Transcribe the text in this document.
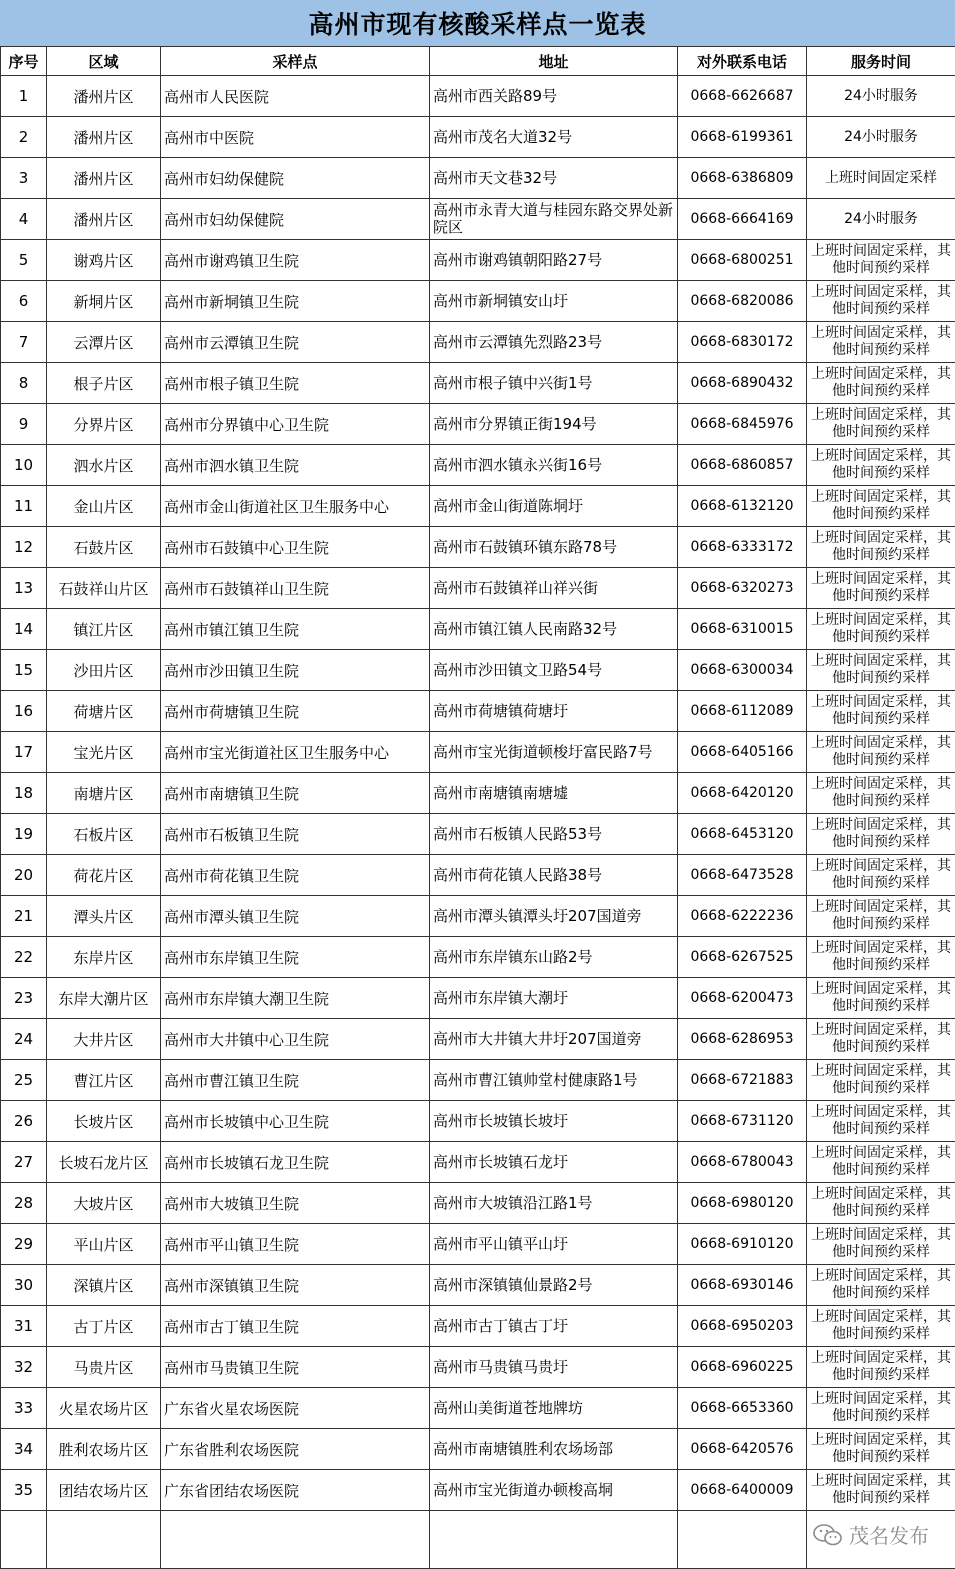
高州市现有核酸采样点一览表
序号	区域	采样点	地址	对外联系电话	服务时间
1	潘州片区	高州市人民医院	高州市西关路89号	0668-6626687	24小时服务
2	潘州片区	高州市中医院	高州市茂名大道32号	0668-6199361	24小时服务
3	潘州片区	高州市妇幼保健院	高州市天文巷32号	0668-6386809	上班时间固定采样
4	潘州片区	高州市妇幼保健院	高州市永青大道与桂园东路交界处新院区	0668-6664169	24小时服务
5	谢鸡片区	高州市谢鸡镇卫生院	高州市谢鸡镇朝阳路27号	0668-6800251	上班时间固定采样，其他时间预约采样
6	新垌片区	高州市新垌镇卫生院	高州市新垌镇安山圩	0668-6820086	上班时间固定采样，其他时间预约采样
7	云潭片区	高州市云潭镇卫生院	高州市云潭镇先烈路23号	0668-6830172	上班时间固定采样，其他时间预约采样
8	根子片区	高州市根子镇卫生院	高州市根子镇中兴街1号	0668-6890432	上班时间固定采样，其他时间预约采样
9	分界片区	高州市分界镇中心卫生院	高州市分界镇正街194号	0668-6845976	上班时间固定采样，其他时间预约采样
10	泗水片区	高州市泗水镇卫生院	高州市泗水镇永兴街16号	0668-6860857	上班时间固定采样，其他时间预约采样
11	金山片区	高州市金山街道社区卫生服务中心	高州市金山街道陈垌圩	0668-6132120	上班时间固定采样，其他时间预约采样
12	石鼓片区	高州市石鼓镇中心卫生院	高州市石鼓镇环镇东路78号	0668-6333172	上班时间固定采样，其他时间预约采样
13	石鼓祥山片区	高州市石鼓镇祥山卫生院	高州市石鼓镇祥山祥兴街	0668-6320273	上班时间固定采样，其他时间预约采样
14	镇江片区	高州市镇江镇卫生院	高州市镇江镇人民南路32号	0668-6310015	上班时间固定采样，其他时间预约采样
15	沙田片区	高州市沙田镇卫生院	高州市沙田镇文卫路54号	0668-6300034	上班时间固定采样，其他时间预约采样
16	荷塘片区	高州市荷塘镇卫生院	高州市荷塘镇荷塘圩	0668-6112089	上班时间固定采样，其他时间预约采样
17	宝光片区	高州市宝光街道社区卫生服务中心	高州市宝光街道顿梭圩富民路7号	0668-6405166	上班时间固定采样，其他时间预约采样
18	南塘片区	高州市南塘镇卫生院	高州市南塘镇南塘墟	0668-6420120	上班时间固定采样，其他时间预约采样
19	石板片区	高州市石板镇卫生院	高州市石板镇人民路53号	0668-6453120	上班时间固定采样，其他时间预约采样
20	荷花片区	高州市荷花镇卫生院	高州市荷花镇人民路38号	0668-6473528	上班时间固定采样，其他时间预约采样
21	潭头片区	高州市潭头镇卫生院	高州市潭头镇潭头圩207国道旁	0668-6222236	上班时间固定采样，其他时间预约采样
22	东岸片区	高州市东岸镇卫生院	高州市东岸镇东山路2号	0668-6267525	上班时间固定采样，其他时间预约采样
23	东岸大潮片区	高州市东岸镇大潮卫生院	高州市东岸镇大潮圩	0668-6200473	上班时间固定采样，其他时间预约采样
24	大井片区	高州市大井镇中心卫生院	高州市大井镇大井圩207国道旁	0668-6286953	上班时间固定采样，其他时间预约采样
25	曹江片区	高州市曹江镇卫生院	高州市曹江镇帅堂村健康路1号	0668-6721883	上班时间固定采样，其他时间预约采样
26	长坡片区	高州市长坡镇中心卫生院	高州市长坡镇长坡圩	0668-6731120	上班时间固定采样，其他时间预约采样
27	长坡石龙片区	高州市长坡镇石龙卫生院	高州市长坡镇石龙圩	0668-6780043	上班时间固定采样，其他时间预约采样
28	大坡片区	高州市大坡镇卫生院	高州市大坡镇沿江路1号	0668-6980120	上班时间固定采样，其他时间预约采样
29	平山片区	高州市平山镇卫生院	高州市平山镇平山圩	0668-6910120	上班时间固定采样，其他时间预约采样
30	深镇片区	高州市深镇镇卫生院	高州市深镇镇仙景路2号	0668-6930146	上班时间固定采样，其他时间预约采样
31	古丁片区	高州市古丁镇卫生院	高州市古丁镇古丁圩	0668-6950203	上班时间固定采样，其他时间预约采样
32	马贵片区	高州市马贵镇卫生院	高州市马贵镇马贵圩	0668-6960225	上班时间固定采样，其他时间预约采样
33	火星农场片区	广东省火星农场医院	高州山美街道苍地牌坊	0668-6653360	上班时间固定采样，其他时间预约采样
34	胜利农场片区	广东省胜利农场医院	高州市南塘镇胜利农场场部	0668-6420576	上班时间固定采样，其他时间预约采样
35	团结农场片区	广东省团结农场医院	高州市宝光街道办顿梭高垌	0668-6400009	上班时间固定采样，其他时间预约采样

茂名发布
